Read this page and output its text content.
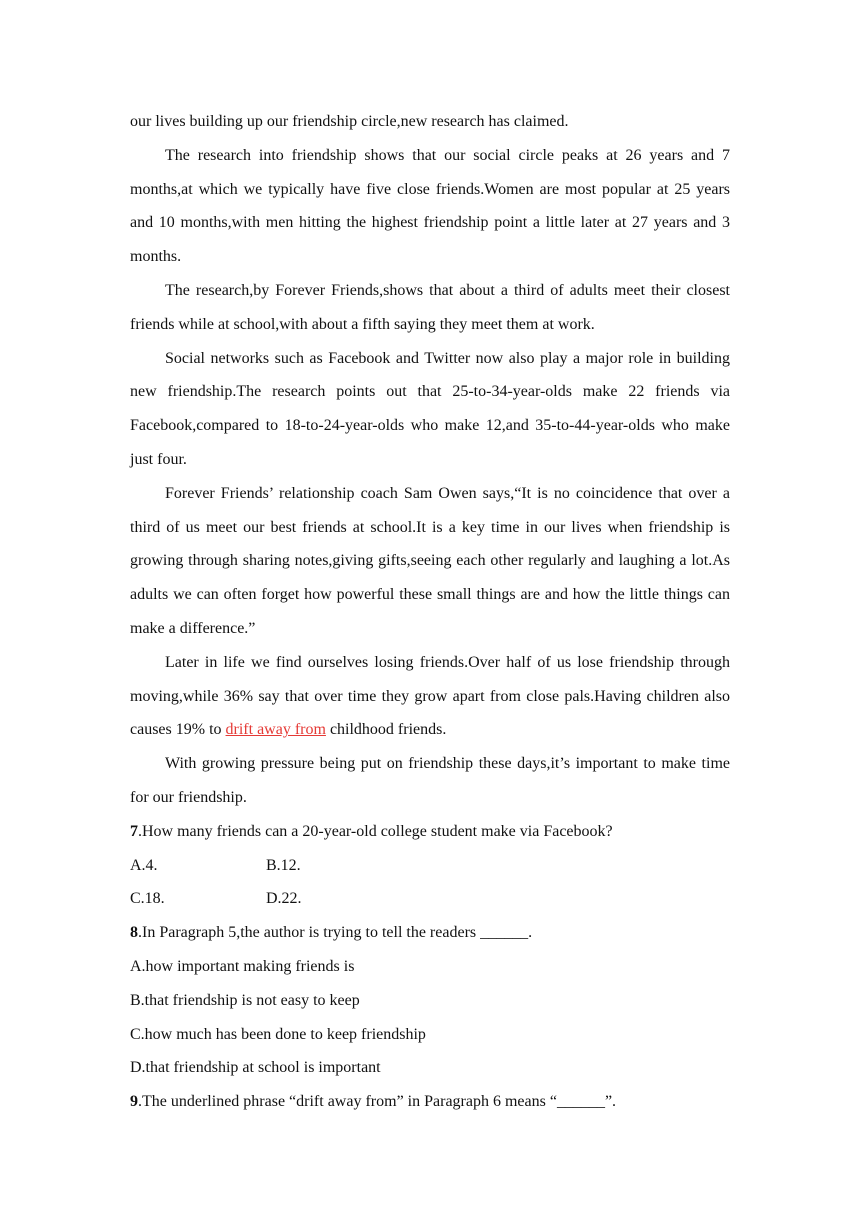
our lives building up our friendship circle,new research has claimed.

The research into friendship shows that our social circle peaks at 26 years and 7 months,at which we typically have five close friends.Women are most popular at 25 years and 10 months,with men hitting the highest friendship point a little later at 27 years and 3 months.

The research,by Forever Friends,shows that about a third of adults meet their closest friends while at school,with about a fifth saying they meet them at work.

Social networks such as Facebook and Twitter now also play a major role in building new friendship.The research points out that 25-to-34-year-olds make 22 friends via Facebook,compared to 18-to-24-year-olds who make 12,and 35-to-44-year-olds who make just four.

Forever Friends’ relationship coach Sam Owen says,“It is no coincidence that over a third of us meet our best friends at school.It is a key time in our lives when friendship is growing through sharing notes,giving gifts,seeing each other regularly and laughing a lot.As adults we can often forget how powerful these small things are and how the little things can make a difference.”

Later in life we find ourselves losing friends.Over half of us lose friendship through moving,while 36% say that over time they grow apart from close pals.Having children also causes 19% to drift away from childhood friends.

With growing pressure being put on friendship these days,it’s important to make time for our friendship.

7.How many friends can a 20-year-old college student make via Facebook?

A.4.	B.12.
C.18.	D.22.

8.In Paragraph 5,the author is trying to tell the readers ______.

A.how important making friends is

B.that friendship is not easy to keep

C.how much has been done to keep friendship

D.that friendship at school is important

9.The underlined phrase “drift away from” in Paragraph 6 means “______”.
